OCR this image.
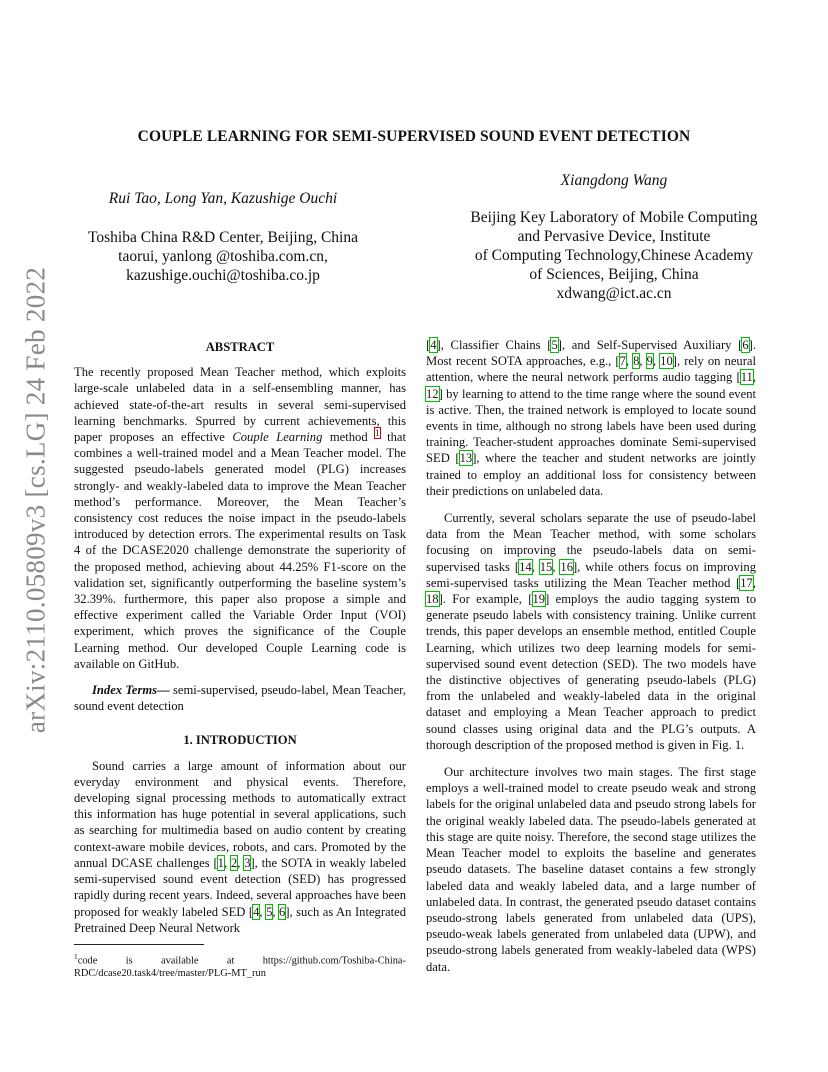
arXiv:2110.05809v3 [cs.LG] 24 Feb 2022
COUPLE LEARNING FOR SEMI-SUPERVISED SOUND EVENT DETECTION
Rui Tao, Long Yan, Kazushige Ouchi
Toshiba China R&D Center, Beijing, China
taorui, yanlong @toshiba.com.cn,
kazushige.ouchi@toshiba.co.jp
Xiangdong Wang
Beijing Key Laboratory of Mobile Computing
and Pervasive Device, Institute
of Computing Technology,Chinese Academy
of Sciences, Beijing, China
xdwang@ict.ac.cn
ABSTRACT

The recently proposed Mean Teacher method, which exploits large-scale unlabeled data in a self-ensembling manner, has achieved state-of-the-art results in several semi-supervised learning benchmarks. Spurred by current achievements, this paper proposes an effective Couple Learning method $^1$ that combines a well-trained model and a Mean Teacher model. The suggested pseudo-labels generated model (PLG) increases strongly- and weakly-labeled data to improve the Mean Teacher method’s performance. Moreover, the Mean Teacher’s consistency cost reduces the noise impact in the pseudo-labels introduced by detection errors. The experimental results on Task 4 of the DCASE2020 challenge demonstrate the superiority of the proposed method, achieving about 44.25% F1-score on the validation set, significantly outperforming the baseline system’s 32.39%. furthermore, this paper also propose a simple and effective experiment called the Variable Order Input (VOI) experiment, which proves the significance of the Couple Learning method. Our developed Couple Learning code is available on GitHub.

Index Terms— semi-supervised, pseudo-label, Mean Teacher, sound event detection

1. INTRODUCTION

Sound carries a large amount of information about our everyday environment and physical events. Therefore, developing signal processing methods to automatically extract this information has huge potential in several applications, such as searching for multimedia based on audio content by creating context-aware mobile devices, robots, and cars. Promoted by the annual DCASE challenges [1, 2, 3], the SOTA in weakly labeled semi-supervised sound event detection (SED) has progressed rapidly during recent years. Indeed, several approaches have been proposed for weakly labeled SED [4, 5, 6], such as An Integrated Pretrained Deep Neural Network

[4], Classifier Chains [5], and Self-Supervised Auxiliary [6]. Most recent SOTA approaches, e.g., [7, 8, 9, 10], rely on neural attention, where the neural network performs audio tagging [11, 12] by learning to attend to the time range where the sound event is active. Then, the trained network is employed to locate sound events in time, although no strong labels have been used during training. Teacher-student approaches dominate Semi-supervised SED [13], where the teacher and student networks are jointly trained to employ an additional loss for consistency between their predictions on unlabeled data.

Currently, several scholars separate the use of pseudo-label data from the Mean Teacher method, with some scholars focusing on improving the pseudo-labels data on semi-supervised tasks [14, 15, 16], while others focus on improving semi-supervised tasks utilizing the Mean Teacher method [17, 18]. For example, [19] employs the audio tagging system to generate pseudo labels with consistency training. Unlike current trends, this paper develops an ensemble method, entitled Couple Learning, which utilizes two deep learning models for semi-supervised sound event detection (SED). The two models have the distinctive objectives of generating pseudo-labels (PLG) from the unlabeled and weakly-labeled data in the original dataset and employing a Mean Teacher approach to predict sound classes using original data and the PLG’s outputs. A thorough description of the proposed method is given in Fig. 1.

Our architecture involves two main stages. The first stage employs a well-trained model to create pseudo weak and strong labels for the original unlabeled data and pseudo strong labels for the original weakly labeled data. The pseudo-labels generated at this stage are quite noisy. Therefore, the second stage utilizes the Mean Teacher model to exploits the baseline and generates pseudo datasets. The baseline dataset contains a few strongly labeled data and weakly labeled data, and a large number of unlabeled data. In contrast, the generated pseudo dataset contains pseudo-strong labels generated from unlabeled data (UPS), pseudo-weak labels generated from unlabeled data (UPW), and pseudo-strong labels generated from weakly-labeled data (WPS) data.

$^1$code is available at https://github.com/Toshiba-China-RDC/dcase20.task4/tree/master/PLG-MT_run
